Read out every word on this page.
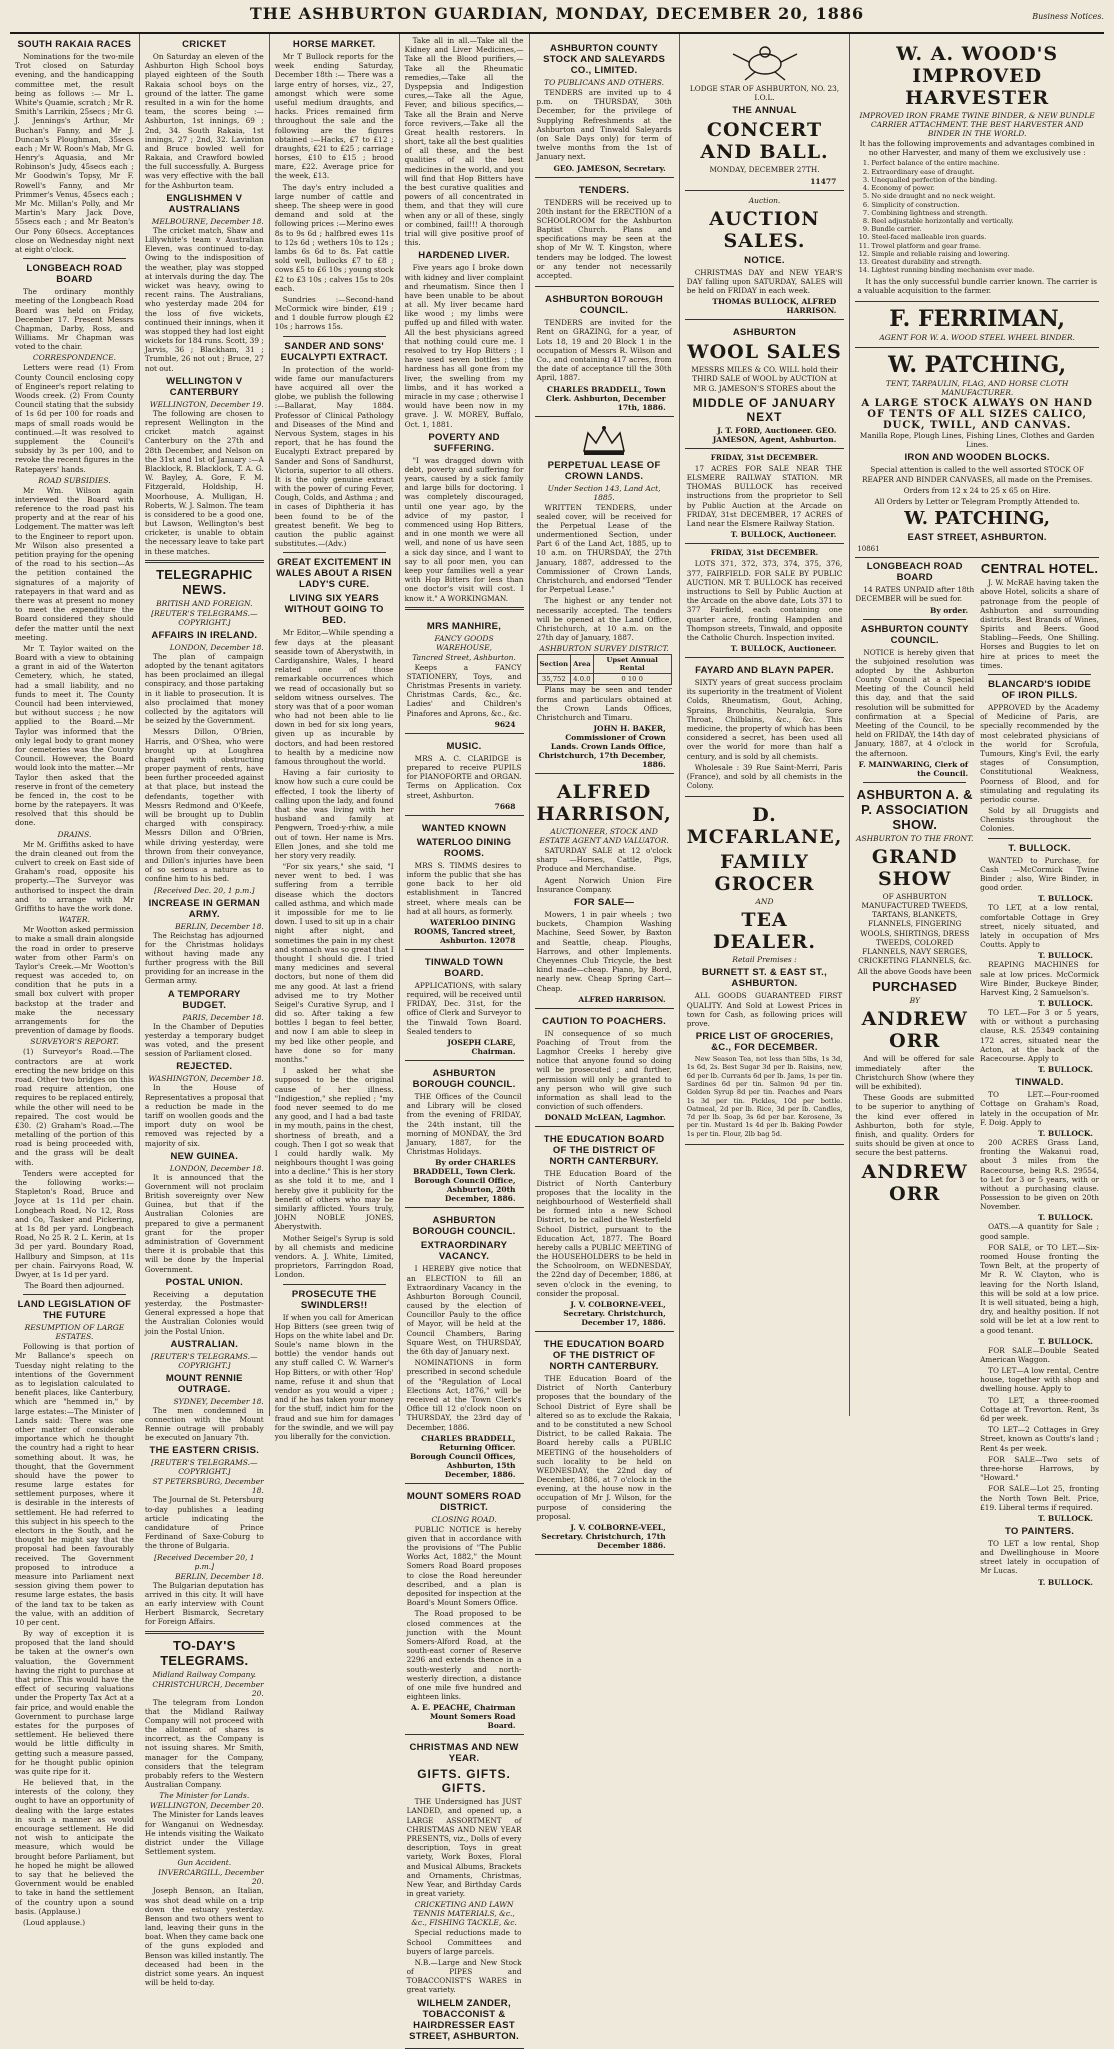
THE ASHBURTON GUARDIAN, MONDAY, DECEMBER 20, 1886	Business Notices.
SOUTH RAKAIA RACES

Nominations for the two-mile Trot closed on Saturday evening, and the handicapping committee met, the result being as follows :— Mr L. White's Quamie, scratch ; Mr R. Smith's Larrikin, 25secs ; Mr G. J. Jennings's Arthur, Mr Buchan's Fanny, and Mr J. Duncan's Ploughman, 35secs each ; Mr W. Roon's Mab, Mr G. Henry's Aquasia, and Mr Robinson's Judy, 45secs each ; Mr Goodwin's Topsy, Mr F. Rowell's Fanny, and Mr Primmer's Venus, 45secs each ; Mr Mc. Millan's Polly, and Mr Martin's Mary Jack Dove, 55secs each ; and Mr Beaton's Our Pony 60secs. Acceptances close on Wednesday night next at eight o'clock.

LONGBEACH ROAD BOARD

The ordinary monthly meeting of the Longbeach Road Board was held on Friday, December 17. Present Messrs Chapman, Darby, Ross, and Williams. Mr Chapman was voted to the chair.

CORRESPONDENCE.

Letters were read (1) From County Council enclosing copy of Engineer's report relating to Woods creek. (2) From County Council stating that the subsidy of 1s 6d per 100 for roads and maps of small roads would be continued.—It was resolved to supplement the Council's subsidy by 3s per 100, and to revoke the recent figures in the Ratepayers' hands.

ROAD SUBSIDIES.

Mr Wm. Wilson again interviewed the Board with reference to the road past his property and at the rear of his Lodgement. The matter was left to the Engineer to report upon. Mr Wilson also presented a petition praying for the opening of the road to his section—As the petition contained the signatures of a majority of ratepayers in that ward and as there was at present no money to meet the expenditure the Board considered they should defer the matter until the next meeting.

Mr T. Taylor waited on the Board with a view to obtaining a grant in aid of the Waterton Cemetery, which, he stated, had a small liability, and no funds to meet it. The County Council had been interviewed, but without success ; he now applied to the Board.—Mr Taylor was informed that the only legal body to grant money for cemeteries was the County Council. However, the Board would look into the matter.—Mr Taylor then asked that the reserve in front of the cemetery be fenced in, the cost to be borne by the ratepayers. It was resolved that this should be done.

DRAINS.

Mr M. Griffiths asked to have the drain cleaned out from the culvert to creek on East side of Graham's road, opposite his property.—The Surveyor was authorised to inspect the drain and to arrange with Mr Griffiths to have the work done.

WATER.

Mr Wootton asked permission to make a small drain alongside the road in order to preserve water from other Farm's on Taylor's Creek.—Mr Wootton's request was acceded to, on condition that he puts in a small box culvert with proper backstop at the trader and make the necessary arrangements for the prevention of damage by floods.

SURVEYOR'S REPORT.

(1) Surveyor's Road.—The contractors are at work erecting the new bridge on this road. Other two bridges on this road require attention, one requires to be replaced entirely, while the other will need to be repaired. The cost would be £30. (2) Graham's Road.—The metalling of the portion of this road is being proceeded with, and the grass will be dealt with.

Tenders were accepted for the following works:— Stapleton's Road, Bruce and Joyce at 1s 11d per chain. Longbeach Road, No 12, Ross and Co, Tasker and Pickering, at 1s 8d per yard. Longbeach Road, No 25 R. 2 L. Kerin, at 1s 3d per yard. Boundary Road, Hallbury and Simpson, at 11s per chain. Fairvyons Road, W. Dwyer, at 1s 1d per yard.

The Board then adjourned.

LAND LEGISLATION OF THE FUTURE
RESUMPTION OF LARGE ESTATES.

Following is that portion of Mr Ballance's speech on Tuesday night relating to the intentions of the Government as to legislation calculated to benefit places, like Canterbury, which are "hemmed in," by large estates:—The Minister of Lands said: There was one other matter of considerable importance which he thought the country had a right to hear something about. It was, he thought, that the Government should have the power to resume large estates for settlement purposes, where it is desirable in the interests of settlement. He had referred to this subject in his speech to the electors in the South, and he thought he might say that the proposal had been favourably received. The Government proposed to introduce a measure into Parliament next session giving them power to resume large estates, the basis of the land tax to be taken as the value, with an addition of 10 per cent.

By way of exception it is proposed that the land should be taken at the owner's own valuation, the Government having the right to purchase at that price. This would have the effect of securing valuations under the Property Tax Act at a fair price, and would enable the Government to purchase large estates for the purposes of settlement. He believed there would be little difficulty in getting such a measure passed, for he thought public opinion was quite ripe for it.

He believed that, in the interests of the colony, they ought to have an opportunity of dealing with the large estates in such a manner as would encourage settlement. He did not wish to anticipate the measure, which would be brought before Parliament, but he hoped he might be allowed to say that he believed the Government would be enabled to take in hand the settlement of the country upon a sound basis. (Applause.)

(Loud applause.)

CRICKET

On Saturday an eleven of the Ashburton High School boys played eighteen of the South Rakaia school boys on the ground of the latter. The game resulted in a win for the home team, the scores being :— Ashburton, 1st innings, 69 ; 2nd, 34. South Rakaia, 1st innings, 27 ; 2nd, 32. Lavinton and Bruce bowled well for Rakaia, and Crawford bowled the full successfully. A. Burgess was very effective with the ball for the Ashburton team.

ENGLISHMEN V AUSTRALIANS
MELBOURNE, December 18.

The cricket match, Shaw and Lillywhite's team v Australian Eleven, was continued to-day. Owing to the indisposition of the weather, play was stopped at intervals during the day. The wicket was heavy, owing to recent rains. The Australians, who yesterday made 204 for the loss of five wickets, continued their innings, when it was stopped they had lost eight wickets for 184 runs. Scott, 39 ; Jarvis, 36 ; Blackham, 31 ; Trumble, 26 not out ; Bruce, 27 not out.

WELLINGTON V CANTERBURY
WELLINGTON, December 19.

The following are chosen to represent Wellington in the cricket match against Canterbury on the 27th and 28th December, and Nelson on the 31st and 1st of January :—A Blacklock, R. Blacklock, T. A. G. W. Bayley, A. Gore, F. M. Fitzgerald, Holdship, H. Moorhouse, A. Mulligan, H. Roberts, W. J. Salmon. The team is considered to be a good one, but Lawson, Wellington's best cricketer, is unable to obtain the necessary leave to take part in these matches.

TELEGRAPHIC NEWS.
BRITISH AND FOREIGN.
[REUTER'S TELEGRAMS.—COPYRIGHT.]
AFFAIRS IN IRELAND.
LONDON, December 18.

The plan of campaign adopted by the tenant agitators has been proclaimed an illegal conspiracy, and those partaking in it liable to prosecution. It is also proclaimed that money collected by the agitators will be seized by the Government.

Messrs Dillon, O'Brien, Harris, and O'Shea, who were brought up at Loughrea charged with obstructing proper payment of rents, have been further proceeded against at that place, but instead the defendants, together with Messrs Redmond and O'Keefe, will be brought up to Dublin charged with conspiracy. Messrs Dillon and O'Brien, while driving yesterday, were thrown from their conveyance, and Dillon's injuries have been of so serious a nature as to confine him to his bed.

[Received Dec. 20, 1 p.m.]
INCREASE IN GERMAN ARMY.
BERLIN, December 18.

The Reichstag has adjourned for the Christmas holidays without having made any further progress with the Bill providing for an increase in the German army.

A TEMPORARY BUDGET.
PARIS, December 18.

In the Chamber of Deputies yesterday a temporary budget was voted, and the present session of Parliament closed.

REJECTED.
WASHINGTON, December 18.

In the House of Representatives a proposal that a reduction be made in the tariff on woollen goods and the import duty on wool be removed was rejected by a majority of six.

NEW GUINEA.
LONDON, December 18.

It is announced that the Government will not proclaim British sovereignty over New Guinea, but that if the Australian Colonies are prepared to give a permanent grant for the proper administration of Government there it is probable that this will be done by the Imperial Government.

POSTAL UNION.

Receiving a deputation yesterday, the Postmaster-General expressed a hope that the Australian Colonies would join the Postal Union.

AUSTRALIAN.
[REUTER'S TELEGRAMS.—COPYRIGHT.]
MOUNT RENNIE OUTRAGE.
SYDNEY, December 18.

The men condemned in connection with the Mount Rennie outrage will probably be executed on January 7th.

THE EASTERN CRISIS.
[REUTER'S TELEGRAMS.—COPYRIGHT.]
ST PETERSBURG, December 18.

The Journal de St. Petersburg to-day publishes a leading article indicating the candidature of Prince Ferdinand of Saxe-Coburg to the throne of Bulgaria.

[Received December 20, 1 p.m.]
BERLIN, December 18.

The Bulgarian deputation has arrived in this city. It will have an early interview with Count Herbert Bismarck, Secretary for Foreign Affairs.

TO-DAY'S TELEGRAMS.
Midland Railway Company.
CHRISTCHURCH, December 20.

The telegram from London that the Midland Railway Company will not proceed with the allotment of shares is incorrect, as the Company is not issuing shares. Mr Smith, manager for the Company, considers that the telegram probably refers to the Western Australian Company.

The Minister for Lands.
WELLINGTON, December 20.

The Minister for Lands leaves for Wanganui on Wednesday. He intends visiting the Waikato district under the Village Settlement system.

Gun Accident.
INVERCARGILL, December 20.

Joseph Benson, an Italian, was shot dead while on a trip down the estuary yesterday. Benson and two others went to land, leaving their guns in the boat. When they came back one of the guns exploded and Benson was killed instantly. The deceased had been in the district some years. An inquest will be held to-day.

HORSE MARKET.

Mr T Bullock reports for the week ending Saturday, December 18th :— There was a large entry of horses, viz., 27, amongst which were some useful medium draughts, and hacks. Prices remained firm throughout the sale and the following are the figures obtained :—Hacks, £7 to £12 ; draughts, £21 to £25 ; carriage horses, £10 to £15 ; brood mare, £22. Average price for the week, £13.

The day's entry included a large number of cattle and sheep. The sheep were in good demand and sold at the following prices :—Merino ewes 8s to 9s 6d ; halfbred ewes 11s to 12s 6d ; wethers 10s to 12s ; lambs 6s 6d to 8s. Fat cattle sold well, bullocks £7 to £8 ; cows £5 to £6 10s ; young stock £2 to £3 10s ; calves 15s to 20s each.

Sundries :—Second-hand McCormick wire binder, £19 ; and 1 double furrow plough £2 10s ; harrows 15s.

SANDER AND SONS' EUCALYPTI EXTRACT.

In protection of the world-wide fame our manufacturers have acquired all over the globe, we publish the following :—Ballarat, May 1884. Professor of Clinical Pathology and Diseases of the Mind and Nervous System, stages in his report, that he has found the Eucalypti Extract prepared by Sander and Sons of Sandhurst, Victoria, superior to all others. It is the only genuine extract with the power of curing Fever, Cough, Colds, and Asthma ; and in cases of Diphtheria it has been found to be of the greatest benefit. We beg to caution the public against substitutes.—(Adv.)

GREAT EXCITEMENT IN WALES ABOUT A RISEN LADY'S CURE.
LIVING SIX YEARS WITHOUT GOING TO BED.

Mr Editor,—While spending a few days at the pleasant seaside town of Aberystwith, in Cardiganshire, Wales, I heard related one of those remarkable occurrences which we read of occasionally but so seldom witness ourselves. The story was that of a poor woman who had not been able to lie down in bed for six long years, given up as incurable by doctors, and had been restored to health by a medicine now famous throughout the world.

Having a fair curiosity to know how such a cure could be effected, I took the liberty of calling upon the lady, and found that she was living with her husband and family at Pengwern, Troed-y-rhiw, a mile out of town. Her name is Mrs. Ellen Jones, and she told me her story very readily.

"For six years," she said, "I never went to bed. I was suffering from a terrible disease which the doctors called asthma, and which made it impossible for me to lie down. I used to sit up in a chair night after night, and sometimes the pain in my chest and stomach was so great that I thought I should die. I tried many medicines and several doctors, but none of them did me any good. At last a friend advised me to try Mother Seigel's Curative Syrup, and I did so. After taking a few bottles I began to feel better, and now I am able to sleep in my bed like other people, and have done so for many months."

I asked her what she supposed to be the original cause of her illness. "Indigestion," she replied ; "my food never seemed to do me any good, and I had a bad taste in my mouth, pains in the chest, shortness of breath, and a cough. Then I got so weak that I could hardly walk. My neighbours thought I was going into a decline." This is her story as she told it to me, and I hereby give it publicity for the benefit of others who may be similarly afflicted. Yours truly, JOHN NOBLE JONES, Aberystwith.

Mother Seigel's Syrup is sold by all chemists and medicine vendors. A. J. White, Limited, proprietors, Farringdon Road, London.

PROSECUTE THE SWINDLERS!!

If when you call for American Hop Bitters (see green twig of Hops on the white label and Dr. Soule's name blown in the bottle) the vendor hands out any stuff called C. W. Warner's Hop Bitters, or with other 'Hop' name, refuse it and shun that vendor as you would a viper ; and if he has taken your money for the stuff, indict him for the fraud and sue him for damages for the swindle, and we will pay you liberally for the conviction.

Take all in all.—Take all the Kidney and Liver Medicines,—Take all the Blood purifiers,—Take all the Rheumatic remedies,—Take all the Dyspepsia and Indigestion cures,—Take all the Ague, Fever, and bilious specifics,—Take all the Brain and Nerve force revivers,—Take all the Great health restorers. In short, take all the best qualities of all these, and the best qualities of all the best medicines in the world, and you will find that Hop Bitters have the best curative qualities and powers of all concentrated in them, and that they will cure when any or all of these, singly or combined, fail!!! A thorough trial will give positive proof of this.

HARDENED LIVER.

Five years ago I broke down with kidney and liver complaint and rheumatism. Since then I have been unable to be about at all. My liver became hard like wood ; my limbs were puffed up and filled with water. All the best physicians agreed that nothing could cure me. I resolved to try Hop Bitters ; I have used seven bottles ; the hardness has all gone from my liver, the swelling from my limbs, and it has worked a miracle in my case ; otherwise I would have been now in my grave. J. W. MOREY, Buffalo, Oct. 1, 1881.

POVERTY AND SUFFERING.

"I was dragged down with debt, poverty and suffering for years, caused by a sick family and large bills for doctoring. I was completely discouraged, until one year ago, by the advice of my pastor, I commenced using Hop Bitters, and in one month we were all well, and none of us have seen a sick day since, and I want to say to all poor men, you can keep your families well a year with Hop Bitters for less than one doctor's visit will cost. I know it." A WORKINGMAN.

MRS MANHIRE,
FANCY GOODS WAREHOUSE,
Tancred Street, Ashburton.

Keeps a FANCY STATIONERY, Toys, and Christmas Presents in variety. Christmas Cards, &c., &c. Ladies' and Children's Pinafores and Aprons, &c., &c.

9624
MUSIC.

MRS A. C. CLARIDGE is prepared to receive PUPILS for PIANOFORTE and ORGAN. Terms on Application. Cox street, Ashburton.

7668
WANTED KNOWN
WATERLOO DINING ROOMS.

MRS S. TIMMS desires to inform the public that she has gone back to her old establishment in Tancred street, where meals can be had at all hours, as formerly.

WATERLOO DINING ROOMS, Tancred street, Ashburton. 12078
TINWALD TOWN BOARD.

APPLICATIONS, with salary required, will be received until FRIDAY, Dec. 31st, for the office of Clerk and Surveyor to the Tinwald Town Board. Sealed tenders to

JOSEPH CLARE, Chairman.
ASHBURTON BOROUGH COUNCIL.

THE Offices of the Council and Library will be closed from the evening of FRIDAY, the 24th instant, till the morning of MONDAY, the 3rd January, 1887, for the Christmas Holidays.

By order CHARLES BRADDELL, Town Clerk. Borough Council Office, Ashburton, 20th December, 1886.
ASHBURTON BOROUGH COUNCIL.
EXTRAORDINARY VACANCY.

I HEREBY give notice that an ELECTION to fill an Extraordinary Vacancy in the Ashburton Borough Council, caused by the election of Councillor Pauly to the office of Mayor, will be held at the Council Chambers, Baring Square West, on THURSDAY, the 6th day of January next.

NOMINATIONS in form prescribed in second schedule of the "Regulation of Local Elections Act, 1876," will be received at the Town Clerk's Office till 12 o'clock noon on THURSDAY, the 23rd day of December, 1886.

CHARLES BRADDELL, Returning Officer. Borough Council Offices, Ashburton, 15th December, 1886.
MOUNT SOMERS ROAD DISTRICT.
CLOSING ROAD.

PUBLIC NOTICE is hereby given that in accordance with the provisions of "The Public Works Act, 1882," the Mount Somers Road Board proposes to close the Road hereunder described, and a plan is deposited for inspection at the Board's Mount Somers Office.

The Road proposed to be closed commences at the junction with the Mount Somers-Alford Road, at the south-east corner of Reserve 2296 and extends thence in a south-westerly and north-westerly direction, a distance of one mile five hundred and eighteen links.

A. E. PEACHE, Chairman Mount Somers Road Board.
CHRISTMAS AND NEW YEAR.
GIFTS. GIFTS. GIFTS.

THE Undersigned has JUST LANDED, and opened up, a LARGE ASSORTMENT of CHRISTMAS AND NEW YEAR PRESENTS, viz., Dolls of every description, Toys in great variety, Work Boxes, Floral and Musical Albums, Brackets and Ornaments, Christmas, New Year, and Birthday Cards in great variety.

CRICKETING AND LAWN TENNIS MATERIALS, &c., &c., FISHING TACKLE, &c.

Special reductions made to School Committees and buyers of large parcels.

N.B.—Large and New Stock of PIPES and TOBACCONIST'S WARES in great variety.

WILHELM ZANDER, TOBACCONIST & HAIRDRESSER EAST STREET, ASHBURTON.
ASHBURTON COUNTY STOCK AND SALEYARDS CO., LIMITED.
TO PUBLICANS AND OTHERS.

TENDERS are invited up to 4 p.m. on THURSDAY, 30th December, for the privilege of Supplying Refreshments at the Ashburton and Tinwald Saleyards (on Sale Days only) for term of twelve months from the 1st of January next.

GEO. JAMESON, Secretary.
TENDERS.

TENDERS will be received up to 20th instant for the ERECTION of a SCHOOLROOM for the Ashburton Baptist Church. Plans and specifications may be seen at the shop of Mr W. T. Kingston, where tenders may be lodged. The lowest or any tender not necessarily accepted.

ASHBURTON BOROUGH COUNCIL.

TENDERS are invited for the Rent on GRAZING, for a year, of Lots 18, 19 and 20 Block 1 in the occupation of Messrs R. Wilson and Co., and containing 417 acres, from the date of acceptance till the 30th April, 1887.

CHARLES BRADDELL, Town Clerk. Ashburton, December 17th, 1886.
PERPETUAL LEASE OF CROWN LANDS.
Under Section 143, Land Act, 1885.

WRITTEN TENDERS, under sealed cover, will be received for the Perpetual Lease of the undermentioned Section, under Part 6 of the Land Act, 1885, up to 10 a.m. on THURSDAY, the 27th January, 1887, addressed to the Commissioner of Crown Lands, Christchurch, and endorsed "Tender for Perpetual Lease."

The highest or any tender not necessarily accepted. The tenders will be opened at the Land Office, Christchurch, at 10 a.m. on the 27th day of January, 1887.

ASHBURTON SURVEY DISTRICT.
Section	Area	Upset Annual Rental
35,752	4.0.0	0 10 0

Plans may be seen and tender forms and particulars obtained at the Crown Lands Offices, Christchurch and Timaru.

JOHN H. BAKER, Commissioner of Crown Lands. Crown Lands Office, Christchurch, 17th December, 1886.
ALFRED HARRISON,
AUCTIONEER, STOCK AND ESTATE AGENT AND VALUATOR.

SATURDAY SALE at 12 o'clock sharp —Horses, Cattle, Pigs, Produce and Merchandise.

Agent Norwich Union Fire Insurance Company.

FOR SALE—

Mowers, 1 in pair wheels ; two buckets, Champion Washing Machine, Seed Sower, by Baxton and Seattle, cheap. Ploughs, Harrows, and other Implements. Cheyennes Club Tricycle, the best kind made—cheap. Piano, by Bord, nearly new. Cheap Spring Cart—Cheap.

ALFRED HARRISON.
CAUTION TO POACHERS.

IN consequence of so much Poaching of Trout from the Lagmhor Creeks I hereby give notice that anyone found so doing will be prosecuted ; and further, permission will only be granted to any person who will give such information as shall lead to the conviction of such offenders.

DONALD McLEAN, Lagmhor.
THE EDUCATION BOARD OF THE DISTRICT OF NORTH CANTERBURY.

THE Education Board of the District of North Canterbury proposes that the locality in the neighbourhood of Westerfield shall be formed into a new School District, to be called the Westerfield School District, pursuant to the Education Act, 1877. The Board hereby calls a PUBLIC MEETING of the HOUSEHOLDERS to be held in the Schoolroom, on WEDNESDAY, the 22nd day of December, 1886, at seven o'clock in the evening, to consider the proposal.

J. V. COLBORNE-VEEL, Secretary. Christchurch, December 17, 1886.
THE EDUCATION BOARD OF THE DISTRICT OF NORTH CANTERBURY.

THE Education Board of the District of North Canterbury proposes that the boundary of the School District of Eyre shall be altered so as to exclude the Rakaia, and to be constituted a new School District, to be called Rakaia. The Board hereby calls a PUBLIC MEETING of the householders of such locality to be held on WEDNESDAY, the 22nd day of December, 1886, at 7 o'clock in the evening, at the house now in the occupation of Mr J. Wilson, for the purpose of considering the proposal.

J. V. COLBORNE-VEEL, Secretary. Christchurch, 17th December 1886.

LODGE STAR OF ASHBURTON, NO. 23, I.O.L.

THE ANNUAL
CONCERT AND BALL.

MONDAY, DECEMBER 27TH.

11477
Auction.
AUCTION SALES.
NOTICE.

CHRISTMAS DAY and NEW YEAR'S DAY falling upon SATURDAY, SALES will be held on FRIDAY in each week.

THOMAS BULLOCK, ALFRED HARRISON.
ASHBURTON
WOOL SALES

MESSRS MILES & CO. WILL hold their THIRD SALE of WOOL by AUCTION at MR G. JAMESON'S STORES about the

MIDDLE OF JANUARY NEXT
J. T. FORD, Auctioneer. GEO. JAMESON, Agent, Ashburton.

FRIDAY, 31st DECEMBER.

17 ACRES FOR SALE NEAR THE ELSMERE RAILWAY STATION. MR THOMAS BULLOCK has received instructions from the proprietor to Sell by Public Auction at the Arcade on FRIDAY, 31st DECEMBER, 17 ACRES of Land near the Elsmere Railway Station.

T. BULLOCK, Auctioneer.

FRIDAY, 31st DECEMBER.

LOTS 371, 372, 373, 374, 375, 376, 377, FAIRFIELD. FOR SALE BY PUBLIC AUCTION. MR T. BULLOCK has received instructions to Sell by Public Auction at the Arcade on the above date, Lots 371 to 377 Fairfield, each containing one quarter acre, fronting Hampden and Thompson streets, Tinwald, and opposite the Catholic Church. Inspection invited.

T. BULLOCK, Auctioneer.
FAYARD AND BLAYN PAPER.

SIXTY years of great success proclaim its superiority in the treatment of Violent Colds, Rheumatism, Gout, Aching, Sprains, Bronchitis, Neuralgia, Sore Throat, Chilblains, &c., &c. This medicine, the property of which has been considered a secret, has been used all over the world for more than half a century, and is sold by all chemists.

Wholesale : 39 Rue Saint-Merri, Paris (France), and sold by all chemists in the Colony.

D. MCFARLANE,
FAMILY GROCER
AND
TEA DEALER.
Retail Premises :
BURNETT ST. & EAST ST., ASHBURTON.

ALL GOODS GUARANTEED FIRST QUALITY. And Sold at Lowest Prices in town for Cash, as following prices will prove.

PRICE LIST OF GROCERIES, &C., FOR DECEMBER.

New Season Tea, not less than 5lbs, 1s 3d, 1s 6d, 2s. Best Sugar 3d per lb. Raisins, new, 6d per lb. Currants 6d per lb. Jams, 1s per tin. Sardines 6d per tin. Salmon 9d per tin. Golden Syrup 8d per tin. Peaches and Pears 1s 3d per tin. Pickles, 10d per bottle. Oatmeal, 2d per lb. Rice, 3d per lb. Candles, 7d per lb. Soap, 3s 6d per bar. Kerosene, 3s per tin. Mustard 1s 4d per lb. Baking Powder 1s per tin. Flour, 2lb bag 5d.

W. A. WOOD'S IMPROVED HARVESTER
IMPROVED IRON FRAME TWINE BINDER, & NEW BUNDLE CARRIER ATTACHMENT. THE BEST HARVESTER AND BINDER IN THE WORLD.

It has the following improvements and advantages combined in no other Harvester, and many of them we exclusively use :

1. Perfect balance of the entire machine.
2. Extraordinary ease of draught.
3. Unequalled perfection of the binding.
4. Economy of power.
5. No side draught and no neck weight.
6. Simplicity of construction.
7. Combining lightness and strength.
8. Reel adjustable horizontally and vertically.
9. Bundle carrier.
10. Steel-faced malleable iron guards.
11. Trowel platform and gear frame.
12. Simple and reliable raising and lowering.
13. Greatest durability and strength.
14. Lightest running binding mechanism ever made.

It has the only successful bundle carrier known. The carrier is a valuable acquisition to the farmer.

F. FERRIMAN,
AGENT FOR W. A. WOOD STEEL WHEEL BINDER.
W. PATCHING,
TENT, TARPAULIN, FLAG, AND HORSE CLOTH MANUFACTURER.
A LARGE STOCK ALWAYS ON HAND OF TENTS OF ALL SIZES CALICO, DUCK, TWILL, AND CANVAS.

Manilla Rope, Plough Lines, Fishing Lines, Clothes and Garden Lines.

IRON AND WOODEN BLOCKS.

Special attention is called to the well assorted STOCK OF REAPER AND BINDER CANVASES, all made on the Premises.

Orders from 12 x 24 to 25 x 65 on Hire.

All Orders by Letter or Telegram Promptly Attended to.

W. PATCHING,
EAST STREET, ASHBURTON.
10861
LONGBEACH ROAD BOARD

14 RATES UNPAID after 18th DECEMBER will be sued for.

By order.
ASHBURTON COUNTY COUNCIL.

NOTICE is hereby given that the subjoined resolution was adopted by the Ashburton County Council at a Special Meeting of the Council held this day, and that the said resolution will be submitted for confirmation at a Special Meeting of the Council, to be held on FRIDAY, the 14th day of January, 1887, at 4 o'clock in the afternoon.

F. MAINWARING, Clerk of the Council.
ASHBURTON A. & P. ASSOCIATION SHOW.
ASHBURTON TO THE FRONT.
GRAND SHOW

OF ASHBURTON MANUFACTURED TWEEDS, TARTANS, BLANKETS, FLANNELS, FINGERING WOOLS, SHIRTINGS, DRESS TWEEDS, COLORED FLANNELS, NAVY SERGES, CRICKETING FLANNELS, &c.

All the above Goods have been

PURCHASED
BY
ANDREW ORR

And will be offered for sale immediately after the Christchurch Show (where they will be exhibited).

These Goods are submitted to be superior to anything of the kind ever offered in Ashburton, both for style, finish, and quality. Orders for suits should be given at once to secure the best patterns.

ANDREW ORR
CENTRAL HOTEL.

J. W. McRAE having taken the above Hotel, solicits a share of patronage from the people of Ashburton and surrounding districts. Best Brands of Wines, Spirits and Beers. Good Stabling—Feeds, One Shilling. Horses and Buggies to let on hire at prices to meet the times.

BLANCARD'S IODIDE OF IRON PILLS.

APPROVED by the Academy of Medicine of Paris, are specially recommended by the most celebrated physicians of the world for Scrofula, Tumours, King's Evil, the early stages of Consumption, Constitutional Weakness, Poorness of Blood, and for stimulating and regulating its periodic course.

Sold by all Druggists and Chemists throughout the Colonies.

T. BULLOCK.

WANTED to Purchase, for Cash —McCormick Twine Binder ; also, Wire Binder, in good order.

T. BULLOCK.

TO LET, at a low rental, comfortable Cottage in Grey street, nicely situated, and lately in occupation of Mrs Coutts. Apply to

T. BULLOCK.

REAPING MACHINES for sale at low prices. McCormick Wire Binder, Buckeye Binder, Harvest King, 2 Samuelson's.

T. BULLOCK.

TO LET.—For 3 or 5 years, with or without a purchasing clause, R.S. 25349 containing 172 acres, situated near the Acton, at the back of the Racecourse. Apply to

T. BULLOCK.
TINWALD.

TO LET.—Four-roomed Cottage on Graham's Road, lately in the occupation of Mr. F. Doig. Apply to

T. BULLOCK.

200 ACRES Grass Land, fronting the Wakanui road, about 3 miles from the Racecourse, being R.S. 29554, to Let for 3 or 5 years, with or without a purchasing clause. Possession to be given on 20th November.

T. BULLOCK.

OATS.—A quantity for Sale ; good sample.

FOR SALE, or TO LET.—Six-roomed House fronting the Town Belt, at the property of Mr R. W. Clayton, who is leaving for the North Island, this will be sold at a low price. It is well situated, being a high, dry, and healthy position. If not sold will be let at a low rent to a good tenant.

T. BULLOCK.

FOR SALE—Double Seated American Waggon.

TO LET—A low rental, Centre house, together with shop and dwelling house. Apply to

TO LET, a three-roomed Cottage at Trevorton. Rent, 3s 6d per week.

TO LET—2 Cottages in Grey Street, known as Coutts's land ; Rent 4s per week.

FOR SALE—Two sets of three-horse Harrows, by "Howard."

FOR SALE—Lot 25, fronting the North Town Belt. Price, £19. Liberal terms if required.

T. BULLOCK.
TO PAINTERS.

TO LET a low rental, Shop and Dwellinghouse in Moore street lately in occupation of Mr Lucas.

T. BULLOCK.
